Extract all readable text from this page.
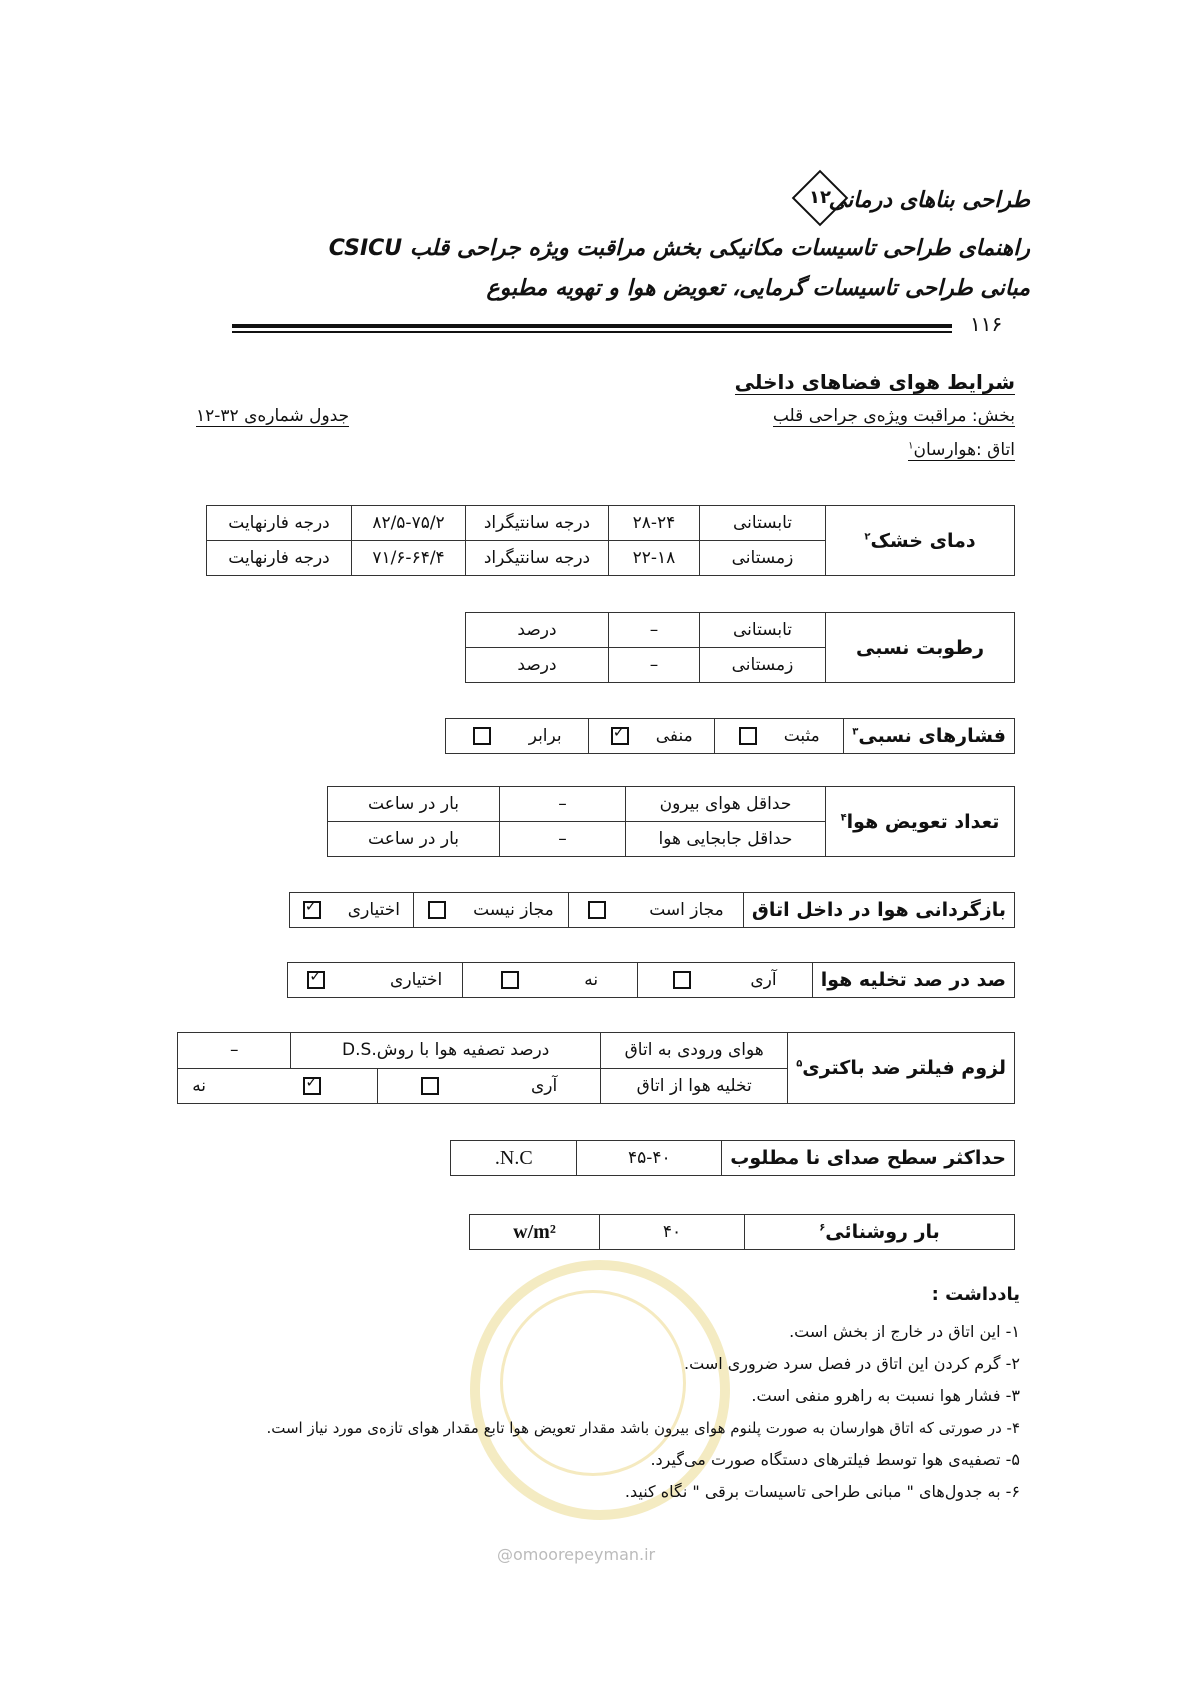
طراحی بناهای درمانی
۱۲
راهنمای طراحی تاسیسات مکانیکی بخش مراقبت ویژه جراحی قلب CSICU
مبانی طراحی تاسیسات گرمایی، تعویض هوا و تهویه مطبوع
۱۱۶
شرایط هوای فضاهای داخلی
بخش: مراقبت ویژه‌ی جراحی قلب
جدول شماره‌ی ۳۲-۱۲
اتاق :هوارسان$^۱$
دمای خشک$^۲$	تابستانی	۲۸-۲۴	درجه سانتیگراد	۸۲/۵-۷۵/۲	درجه فارنهایت
	زمستانی	۲۲-۱۸	درجه سانتیگراد	۷۱/۶-۶۴/۴	درجه فارنهایت
رطوبت نسبی	تابستانی	–	درصد
	زمستانی	–	درصد
فشارهای نسبی$^۳$	مثبت	منفی     ✓	برابر
تعداد تعویض هوا$^۴$	حداقل هوای بیرون	–	بار در ساعت
	حداقل جابجایی هوا	–	بار در ساعت
بازگردانی هوا در داخل اتاق	مجاز است	مجاز نیست	اختیاری     ✓
صد در صد تخلیه هوا	آری	نه	اختیاری            ✓
لزوم فیلتر ضد باکتری$^۵$	هوای ورودی به اتاق	درصد تصفیه هوا با روش.D.S		–
	تخلیه هوا از اتاق	آری	✓                  نه
حداکثر سطح صدای نا مطلوب	۴۵-۴۰	N.C.
بار روشنائی$^۶$	۴۰	w/m²
@omoorepeyman.ir
یادداشت :
۱- این اتاق در خارج از بخش است.
۲- گرم کردن این اتاق در فصل سرد ضروری است.
۳- فشار هوا نسبت به راهرو منفی است.
۴- در صورتی که اتاق هوارسان به صورت پلنوم هوای بیرون باشد مقدار تعویض هوا تابع مقدار هوای تازه‌ی مورد نیاز است.
۵- تصفیه‌ی هوا توسط فیلترهای دستگاه صورت می‌گیرد.
۶- به جدول‌های " مبانی طراحی تاسیسات برقی " نگاه کنید.
